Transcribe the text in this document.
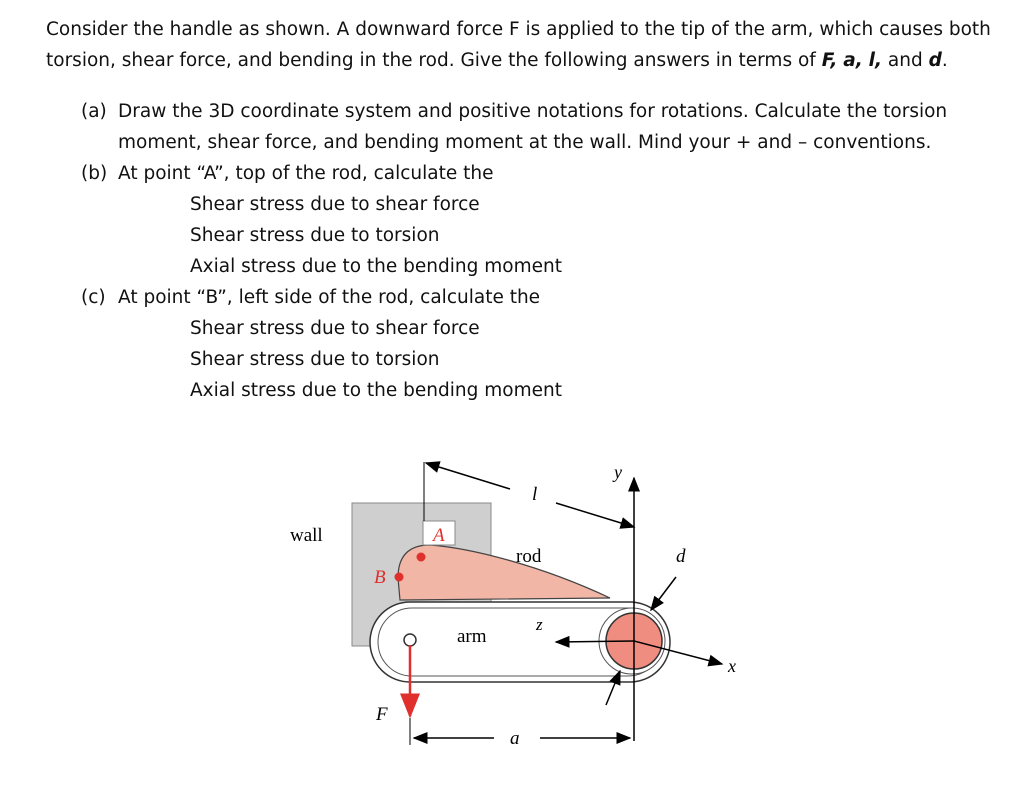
Consider the handle as shown. A downward force F is applied to the tip of the arm, which causes both
torsion, shear force, and bending in the rod. Give the following answers in terms of F, a, l, and d.
(a) Draw the 3D coordinate system and positive notations for rotations. Calculate the torsion
moment, shear force, and bending moment at the wall. Mind your + and – conventions.
(b) At point “A”, top of the rod, calculate the
Shear stress due to shear force
Shear stress due to torsion
Axial stress due to the bending moment
(c) At point “B”, left side of the rod, calculate the
Shear stress due to shear force
Shear stress due to torsion
Axial stress due to the bending moment
wall
rod
A
B
arm
F
l
y
x
z
d
a
